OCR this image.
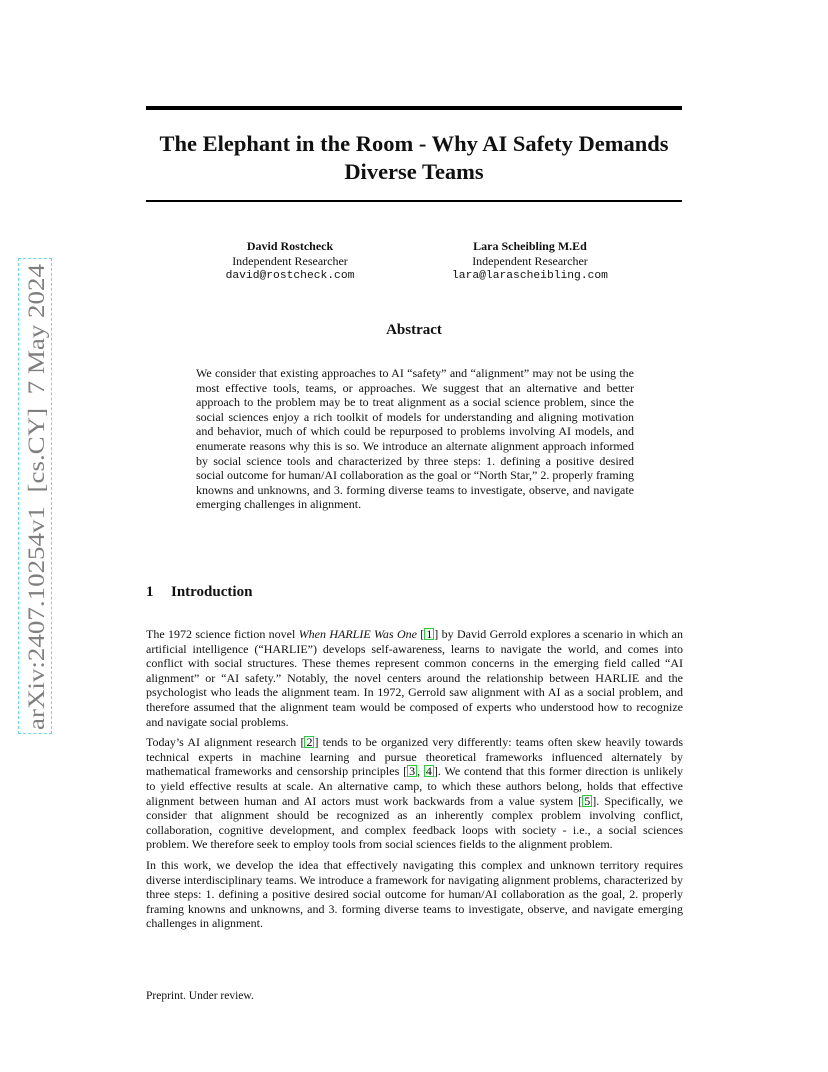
arXiv:2407.10254v1  [cs.CY]  7 May 2024
The Elephant in the Room - Why AI Safety Demands Diverse Teams
David Rostcheck
Independent Researcher
david@rostcheck.com
Lara Scheibling M.Ed
Independent Researcher
lara@larascheibling.com
Abstract

We consider that existing approaches to AI “safety” and “alignment” may not be using the most effective tools, teams, or approaches. We suggest that an alternative and better approach to the problem may be to treat alignment as a social science problem, since the social sciences enjoy a rich toolkit of models for understanding and aligning motivation and behavior, much of which could be repurposed to problems involving AI models, and enumerate reasons why this is so. We introduce an alternate alignment approach informed by social science tools and characterized by three steps: 1. defining a positive desired social outcome for human/AI collaboration as the goal or “North Star,” 2. properly framing knowns and unknowns, and 3. forming diverse teams to investigate, observe, and navigate emerging challenges in alignment.

1 Introduction

The 1972 science fiction novel When HARLIE Was One [ 1 ] by David Gerrold explores a scenario in which an artificial intelligence (“HARLIE”) develops self-awareness, learns to navigate the world, and comes into conflict with social structures. These themes represent common concerns in the emerging field called “AI alignment” or “AI safety.” Notably, the novel centers around the relationship between HARLIE and the psychologist who leads the alignment team. In 1972, Gerrold saw alignment with AI as a social problem, and therefore assumed that the alignment team would be composed of experts who understood how to recognize and navigate social problems.

Today’s AI alignment research [ 2 ] tends to be organized very differently: teams often skew heavily towards technical experts in machine learning and pursue theoretical frameworks influenced alternately by mathematical frameworks and censorship principles [ 3 , 4 ]. We contend that this former direction is unlikely to yield effective results at scale. An alternative camp, to which these authors belong, holds that effective alignment between human and AI actors must work backwards from a value system [ 5 ]. Specifically, we consider that alignment should be recognized as an inherently complex problem involving conflict, collaboration, cognitive development, and complex feedback loops with society - i.e., a social sciences problem. We therefore seek to employ tools from social sciences fields to the alignment problem.

In this work, we develop the idea that effectively navigating this complex and unknown territory requires diverse interdisciplinary teams. We introduce a framework for navigating alignment problems, characterized by three steps: 1. defining a positive desired social outcome for human/AI collaboration as the goal, 2. properly framing knowns and unknowns, and 3. forming diverse teams to investigate, observe, and navigate emerging challenges in alignment.

Preprint. Under review.
